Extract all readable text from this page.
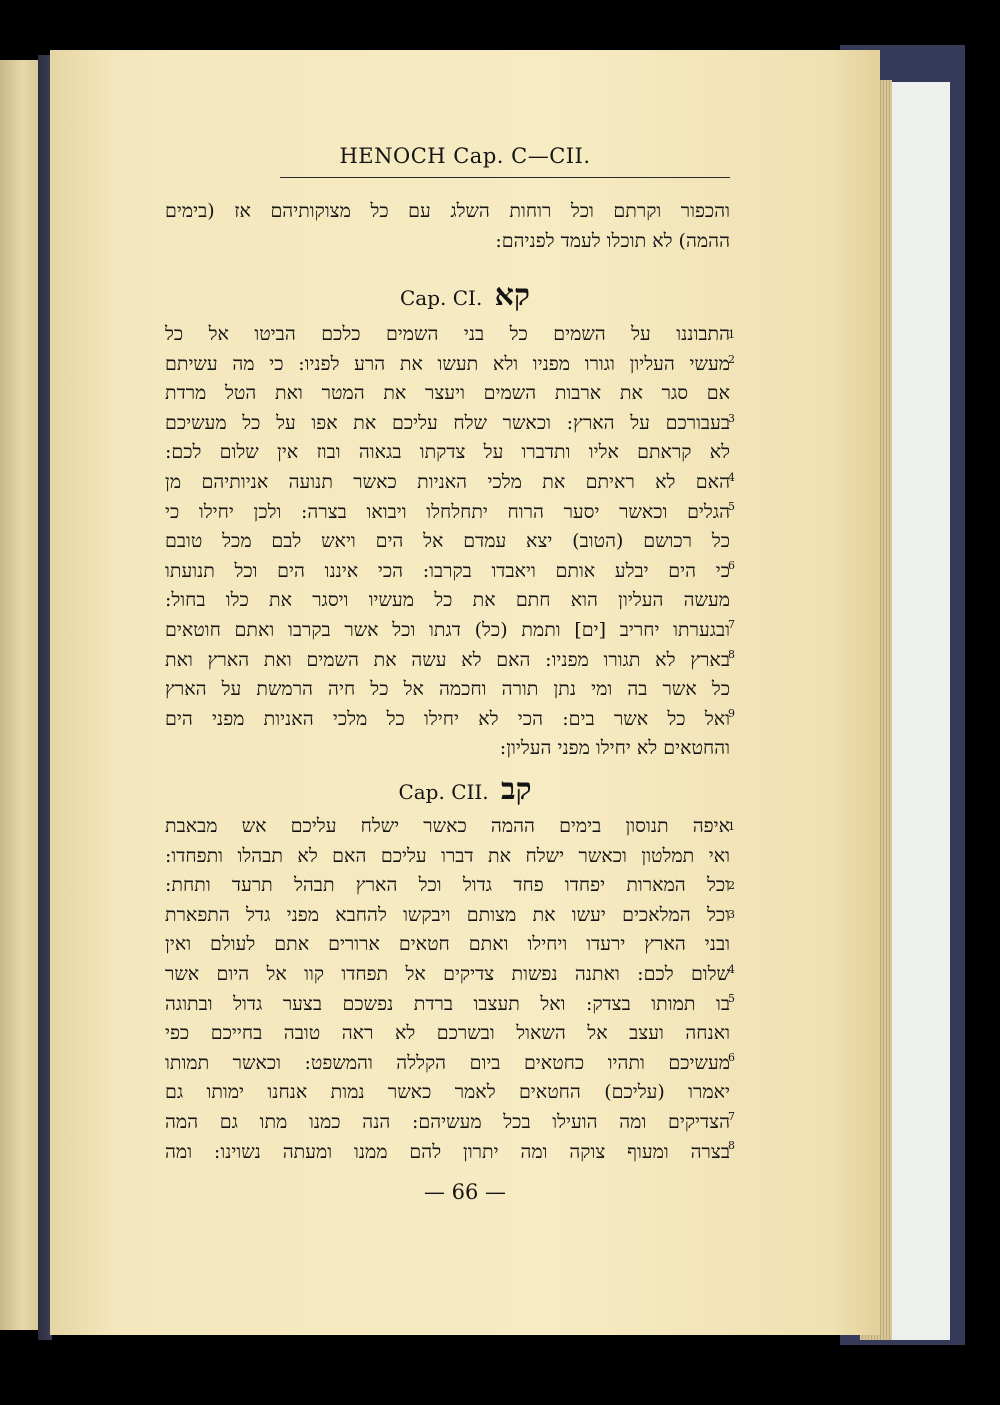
HENOCH Cap. C—CII.
והכפור וקרתם וכל רוחות השלג עם כל מצוקותיהם אז (בימים
ההמה) לא תוכלו לעמד לפניהם:
Cap. CI. קא
1
2
3
4
5
6
7
8
9
התבוננו על השמים כל בני השמים כלכם הביטו אל כל
מעשי העליון וגורו מפניו ולא תעשו את הרע לפניו: כי מה עשיתם
אם סגר את ארבות השמים ויעצר את המטר ואת הטל מרדת
בעבורכם על הארץ: וכאשר שלח עליכם את אפו על כל מעשיכם
לא קראתם אליו ותדברו על צדקתו בגאוה ובוז אין שלום לכם:
האם לא ראיתם את מלכי האניות כאשר תנועה אניותיהם מן
הגלים וכאשר יסער הרוח יתחלחלו ויבואו בצרה: ולכן יחילו כי
כל רכושם (הטוב) יצא עמדם אל הים ויאש לבם מכל טובם
כי הים יבלע אותם ויאבדו בקרבו: הכי איננו הים וכל תנועתו
מעשה העליון הוא חתם את כל מעשיו ויסגר את כלו בחול:
ובגערתו יחריב [ים] ותמת (כל) דגתו וכל אשר בקרבו ואתם חוטאים
בארץ לא תגורו מפניו: האם לא עשה את השמים ואת הארץ ואת
כל אשר בה ומי נתן תורה וחכמה אל כל חיה הרמשת על הארץ
ואל כל אשר בים: הכי לא יחילו כל מלכי האניות מפני הים
והחטאים לא יחילו מפני העליון:
Cap. CII. קב
1
2
3
4
5
6
7
8
איפה תנוסון בימים ההמה כאשר ישלח עליכם אש מבאבת
ואי תמלטון וכאשר ישלח את דברו עליכם האם לא תבהלו ותפחדו:
וכל המארות יפחדו פחד גדול וכל הארץ תבהל תרעד ותחת:
וכל המלאכים יעשו את מצותם ויבקשו להחבא מפני גדל התפארת
ובני הארץ ירעדו ויחילו ואתם חטאים ארורים אתם לעולם ואין
שלום לכם: ואתנה נפשות צדיקים אל תפחדו קוו אל היום אשר
בו תמותו בצדק: ואל תעצבו ברדת נפשכם בצער גדול ובתוגה
ואנחה ועצב אל השאול ובשרכם לא ראה טובה בחייכם כפי
מעשיכם ותהיו כחטאים ביום הקללה והמשפט: וכאשר תמותו
יאמרו (עליכם) החטאים לאמר כאשר נמות אנחנו ימותו גם
הצדיקים ומה הועילו בכל מעשיהם: הנה כמנו מתו גם המה
בצרה ומעוף צוקה ומה יתרון להם ממנו ומעתה נשוינו: ומה
— 66 —
